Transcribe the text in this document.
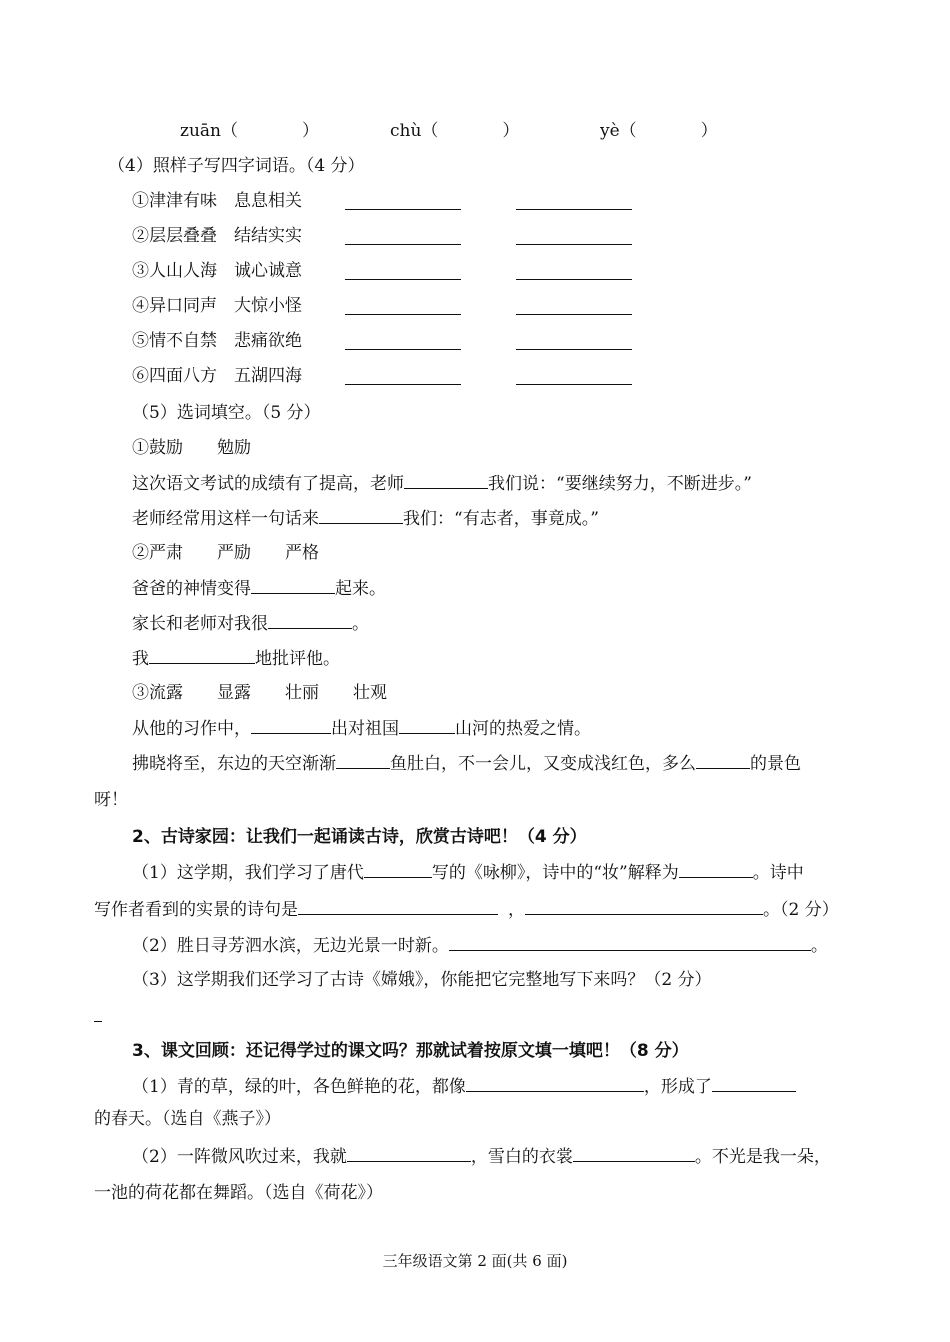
zuān（	）	chù（	）	yè（	）
（4）照样子写四字词语。（4 分）
①津津有味　息息相关
②层层叠叠　结结实实
③人山人海　诚心诚意
④异口同声　大惊小怪
⑤情不自禁　悲痛欲绝
⑥四面八方　五湖四海
（5）选词填空。（5 分）
①鼓励　　勉励
这次语文考试的成绩有了提高，老师	我们说：“要继续努力，不断进步。”
老师经常用这样一句话来	我们：“有志者，事竟成。”
②严肃　　严励　　严格
爸爸的神情变得	起来。
家长和老师对我很	。
我	地批评他。
③流露　　显露　　壮丽　　壮观
从他的习作中，	出对祖国	山河的热爱之情。
拂晓将至，东边的天空渐渐	鱼肚白，不一会儿，又变成浅红色，多么	的景色
呀！
2、古诗家园：让我们一起诵读古诗，欣赏古诗吧！（4 分）
（1）这学期，我们学习了唐代	写的《咏柳》，诗中的“妆”解释为	。诗中
写作者看到的实景的诗句是	，	。（2 分）
（2）胜日寻芳泗水滨，无边光景一时新。	。
（3）这学期我们还学习了古诗《嫦娥》，你能把它完整地写下来吗？（2 分）
3、课文回顾：还记得学过的课文吗？那就试着按原文填一填吧！（8 分）
（1）青的草，绿的叶，各色鲜艳的花，都像	，形成了
的春天。（选自《燕子》）
（2）一阵微风吹过来，我就	，雪白的衣裳	。不光是我一朵，
一池的荷花都在舞蹈。（选自《荷花》）
三年级语文第 2 面(共 6 面)
